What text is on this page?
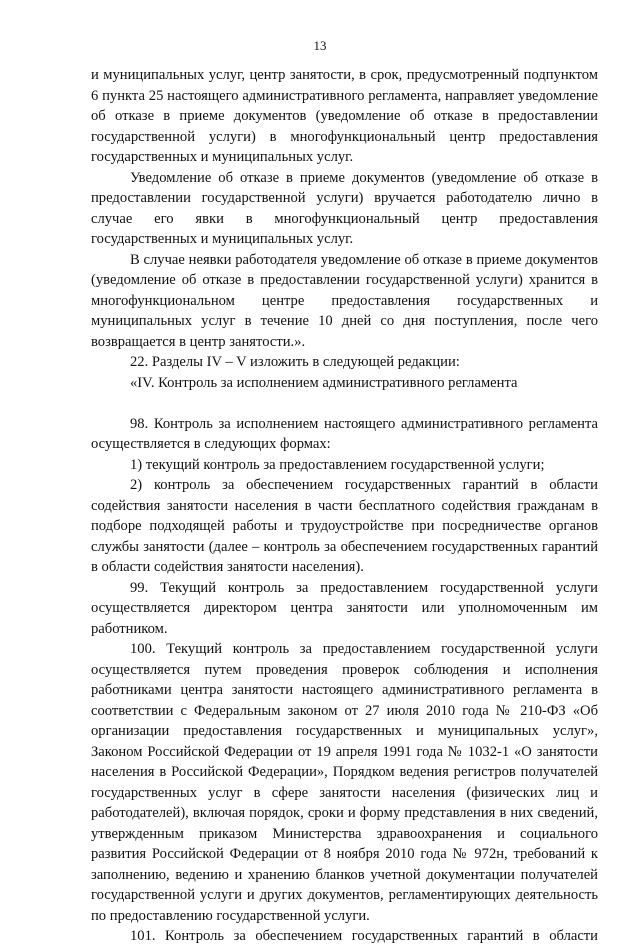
13

и муниципальных услуг, центр занятости, в срок, предусмотренный подпунктом 6 пункта 25 настоящего административного регламента, направляет уведомление об отказе в приеме документов (уведомление об отказе в предоставлении государственной услуги) в многофункциональный центр предоставления государственных и муниципальных услуг.

Уведомление об отказе в приеме документов (уведомление об отказе в предоставлении государственной услуги) вручается работодателю лично в случае его явки в многофункциональный центр предоставления государственных и муниципальных услуг.

В случае неявки работодателя уведомление об отказе в приеме документов (уведомление об отказе в предоставлении государственной услуги) хранится в многофункциональном центре предоставления государственных и муниципальных услуг в течение 10 дней со дня поступления, после чего возвращается в центр занятости.».

22. Разделы IV – V изложить в следующей редакции:

«IV. Контроль за исполнением административного регламента

98. Контроль за исполнением настоящего административного регламента осуществляется в следующих формах:

1) текущий контроль за предоставлением государственной услуги;

2) контроль за обеспечением государственных гарантий в области содействия занятости населения в части бесплатного содействия гражданам в подборе подходящей работы и трудоустройстве при посредничестве органов службы занятости (далее – контроль за обеспечением государственных гарантий в области содействия занятости населения).

99. Текущий контроль за предоставлением государственной услуги осуществляется директором центра занятости или уполномоченным им работником.

100. Текущий контроль за предоставлением государственной услуги осуществляется путем проведения проверок соблюдения и исполнения работниками центра занятости настоящего административного регламента в соответствии с Федеральным законом от 27 июля 2010 года № 210-ФЗ «Об организации предоставления государственных и муниципальных услуг», Законом Российской Федерации от 19 апреля 1991 года № 1032-1 «О занятости населения в Российской Федерации», Порядком ведения регистров получателей государственных услуг в сфере занятости населения (физических лиц и работодателей), включая порядок, сроки и форму представления в них сведений, утвержденным приказом Министерства здравоохранения и социального развития Российской Федерации от 8 ноября 2010 года № 972н, требований к заполнению, ведению и хранению бланков учетной документации получателей государственной услуги и других документов, регламентирующих деятельность по предоставлению государственной услуги.

101. Контроль за обеспечением государственных гарантий в области
